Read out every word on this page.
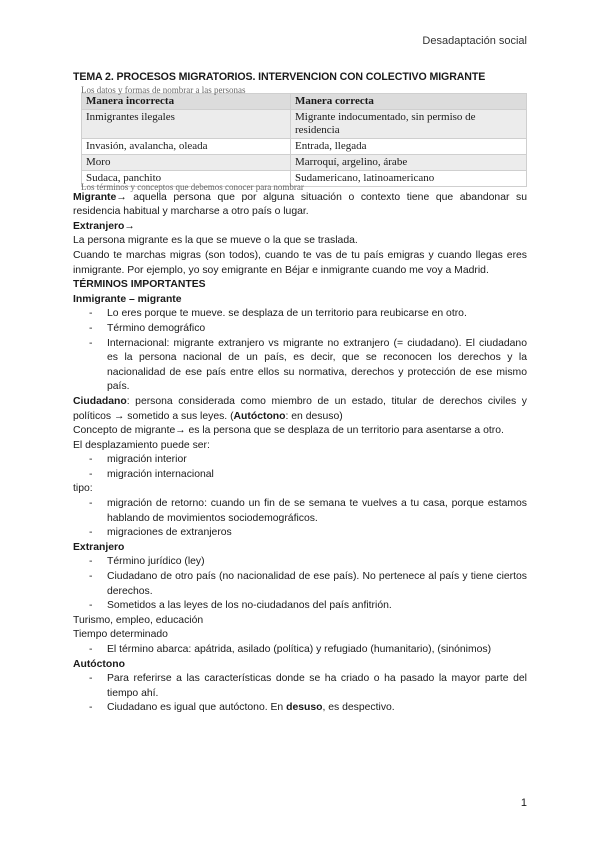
Desadaptación social
TEMA 2. PROCESOS MIGRATORIOS. INTERVENCION CON COLECTIVO MIGRANTE
Los datos y formas de nombrar a las personas
Manera incorrecta	Manera correcta
Inmigrantes ilegales	Migrante indocumentado, sin permiso de residencia
Invasión, avalancha, oleada	Entrada, llegada
Moro	Marroquí, argelino, árabe
Sudaca, panchito	Sudamericano, latinoamericano
Los términos y conceptos que debemos conocer para nombrar

Migrante→ aquella persona que por alguna situación o contexto tiene que abandonar su residencia habitual y marcharse a otro país o lugar.

Extranjero→

La persona migrante es la que se mueve o la que se traslada.

Cuando te marchas migras (son todos), cuando te vas de tu país emigras y cuando llegas eres inmigrante. Por ejemplo, yo soy emigrante en Béjar e inmigrante cuando me voy a Madrid.

TÉRMINOS IMPORTANTES

Inmigrante – migrante

- Lo eres porque te mueve. se desplaza de un territorio para reubicarse en otro.
- Término demográfico
- Internacional: migrante extranjero vs migrante no extranjero (= ciudadano). El ciudadano es la persona nacional de un país, es decir, que se reconocen los derechos y la nacionalidad de ese país entre ellos su normativa, derechos y protección de ese mismo país.

Ciudadano: persona considerada como miembro de un estado, titular de derechos civiles y políticos → sometido a sus leyes. (Autóctono: en desuso)

Concepto de migrante→ es la persona que se desplaza de un territorio para asentarse a otro.

El desplazamiento puede ser:

- migración interior
- migración internacional

tipo:

- migración de retorno: cuando un fin de se semana te vuelves a tu casa, porque estamos hablando de movimientos sociodemográficos.
- migraciones de extranjeros

Extranjero

- Término jurídico (ley)
- Ciudadano de otro país (no nacionalidad de ese país). No pertenece al país y tiene ciertos derechos.
- Sometidos a las leyes de los no-ciudadanos del país anfitrión.

Turismo, empleo, educación

Tiempo determinado

- El término abarca: apátrida, asilado (política) y refugiado (humanitario), (sinónimos)

Autóctono

- Para referirse a las características donde se ha criado o ha pasado la mayor parte del tiempo ahí.
- Ciudadano es igual que autóctono. En desuso, es despectivo.
1
